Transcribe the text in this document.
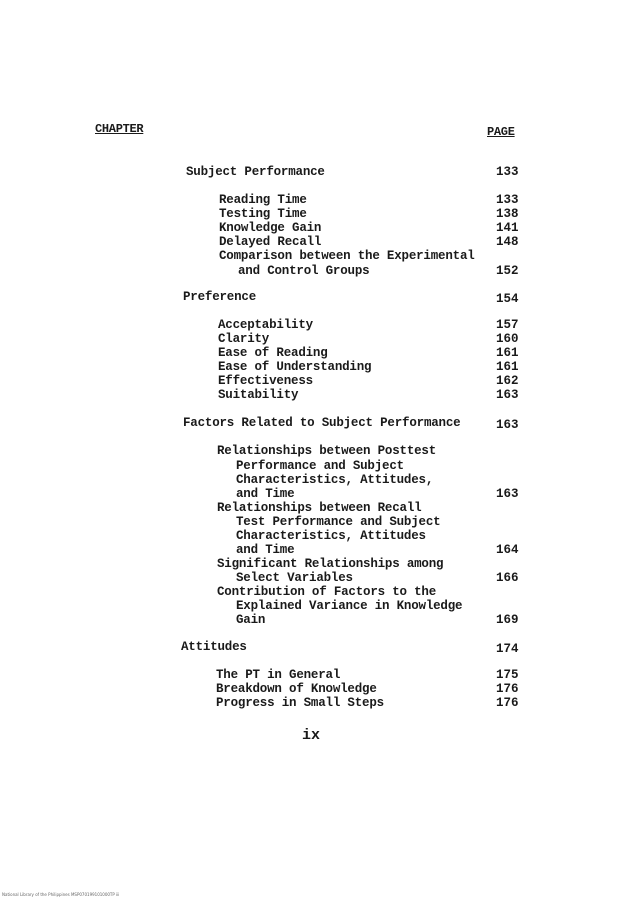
CHAPTER	PAGE
Subject Performance	133
Reading Time	133
Testing Time	138
Knowledge Gain	141
Delayed Recall	148
Comparison between the Experimental
and Control Groups	152
Preference	154
Acceptability	157
Clarity	160
Ease of Reading	161
Ease of Understanding	161
Effectiveness	162
Suitability	163
Factors Related to Subject Performance	163
Relationships between Posttest
Performance and Subject
Characteristics, Attitudes,
and Time	163
Relationships between Recall
Test Performance and Subject
Characteristics, Attitudes
and Time	164
Significant Relationships among
Select Variables	166
Contribution of Factors to the
Explained Variance in Knowledge
Gain	169
Attitudes	174
The PT in General	175
Breakdown of Knowledge	176
Progress in Small Steps	176
ix
National Library of the Philippines MSP070199101000TP iii
